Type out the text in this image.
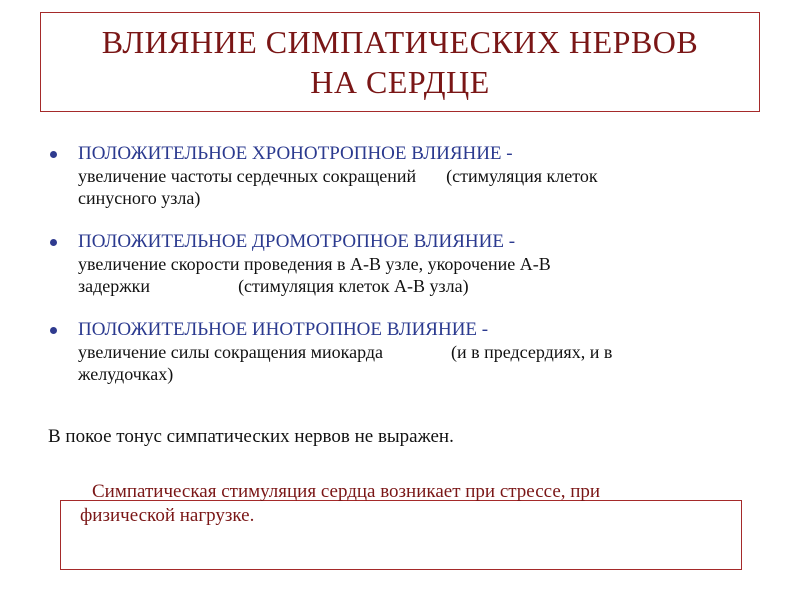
ВЛИЯНИЕ СИМПАТИЧЕСКИХ НЕРВОВ
НА СЕРДЦЕ
ПОЛОЖИТЕЛЬНОЕ ХРОНОТРОПНОЕ ВЛИЯНИЕ -
увеличение частоты сердечных сокращений (стимуляция клеток
синусного узла)
ПОЛОЖИТЕЛЬНОЕ ДРОМОТРОПНОЕ ВЛИЯНИЕ -
увеличение скорости проведения в А-В узле, укорочение А-В
задержки	(стимуляция клеток А-В узла)
ПОЛОЖИТЕЛЬНОЕ ИНОТРОПНОЕ ВЛИЯНИЕ -
увеличение силы сокращения миокарда	(и в предсердиях, и в
желудочках)
В покое тонус симпатических нервов не выражен.
Симпатическая стимуляция сердца возникает при стрессе, при
физической нагрузке.
